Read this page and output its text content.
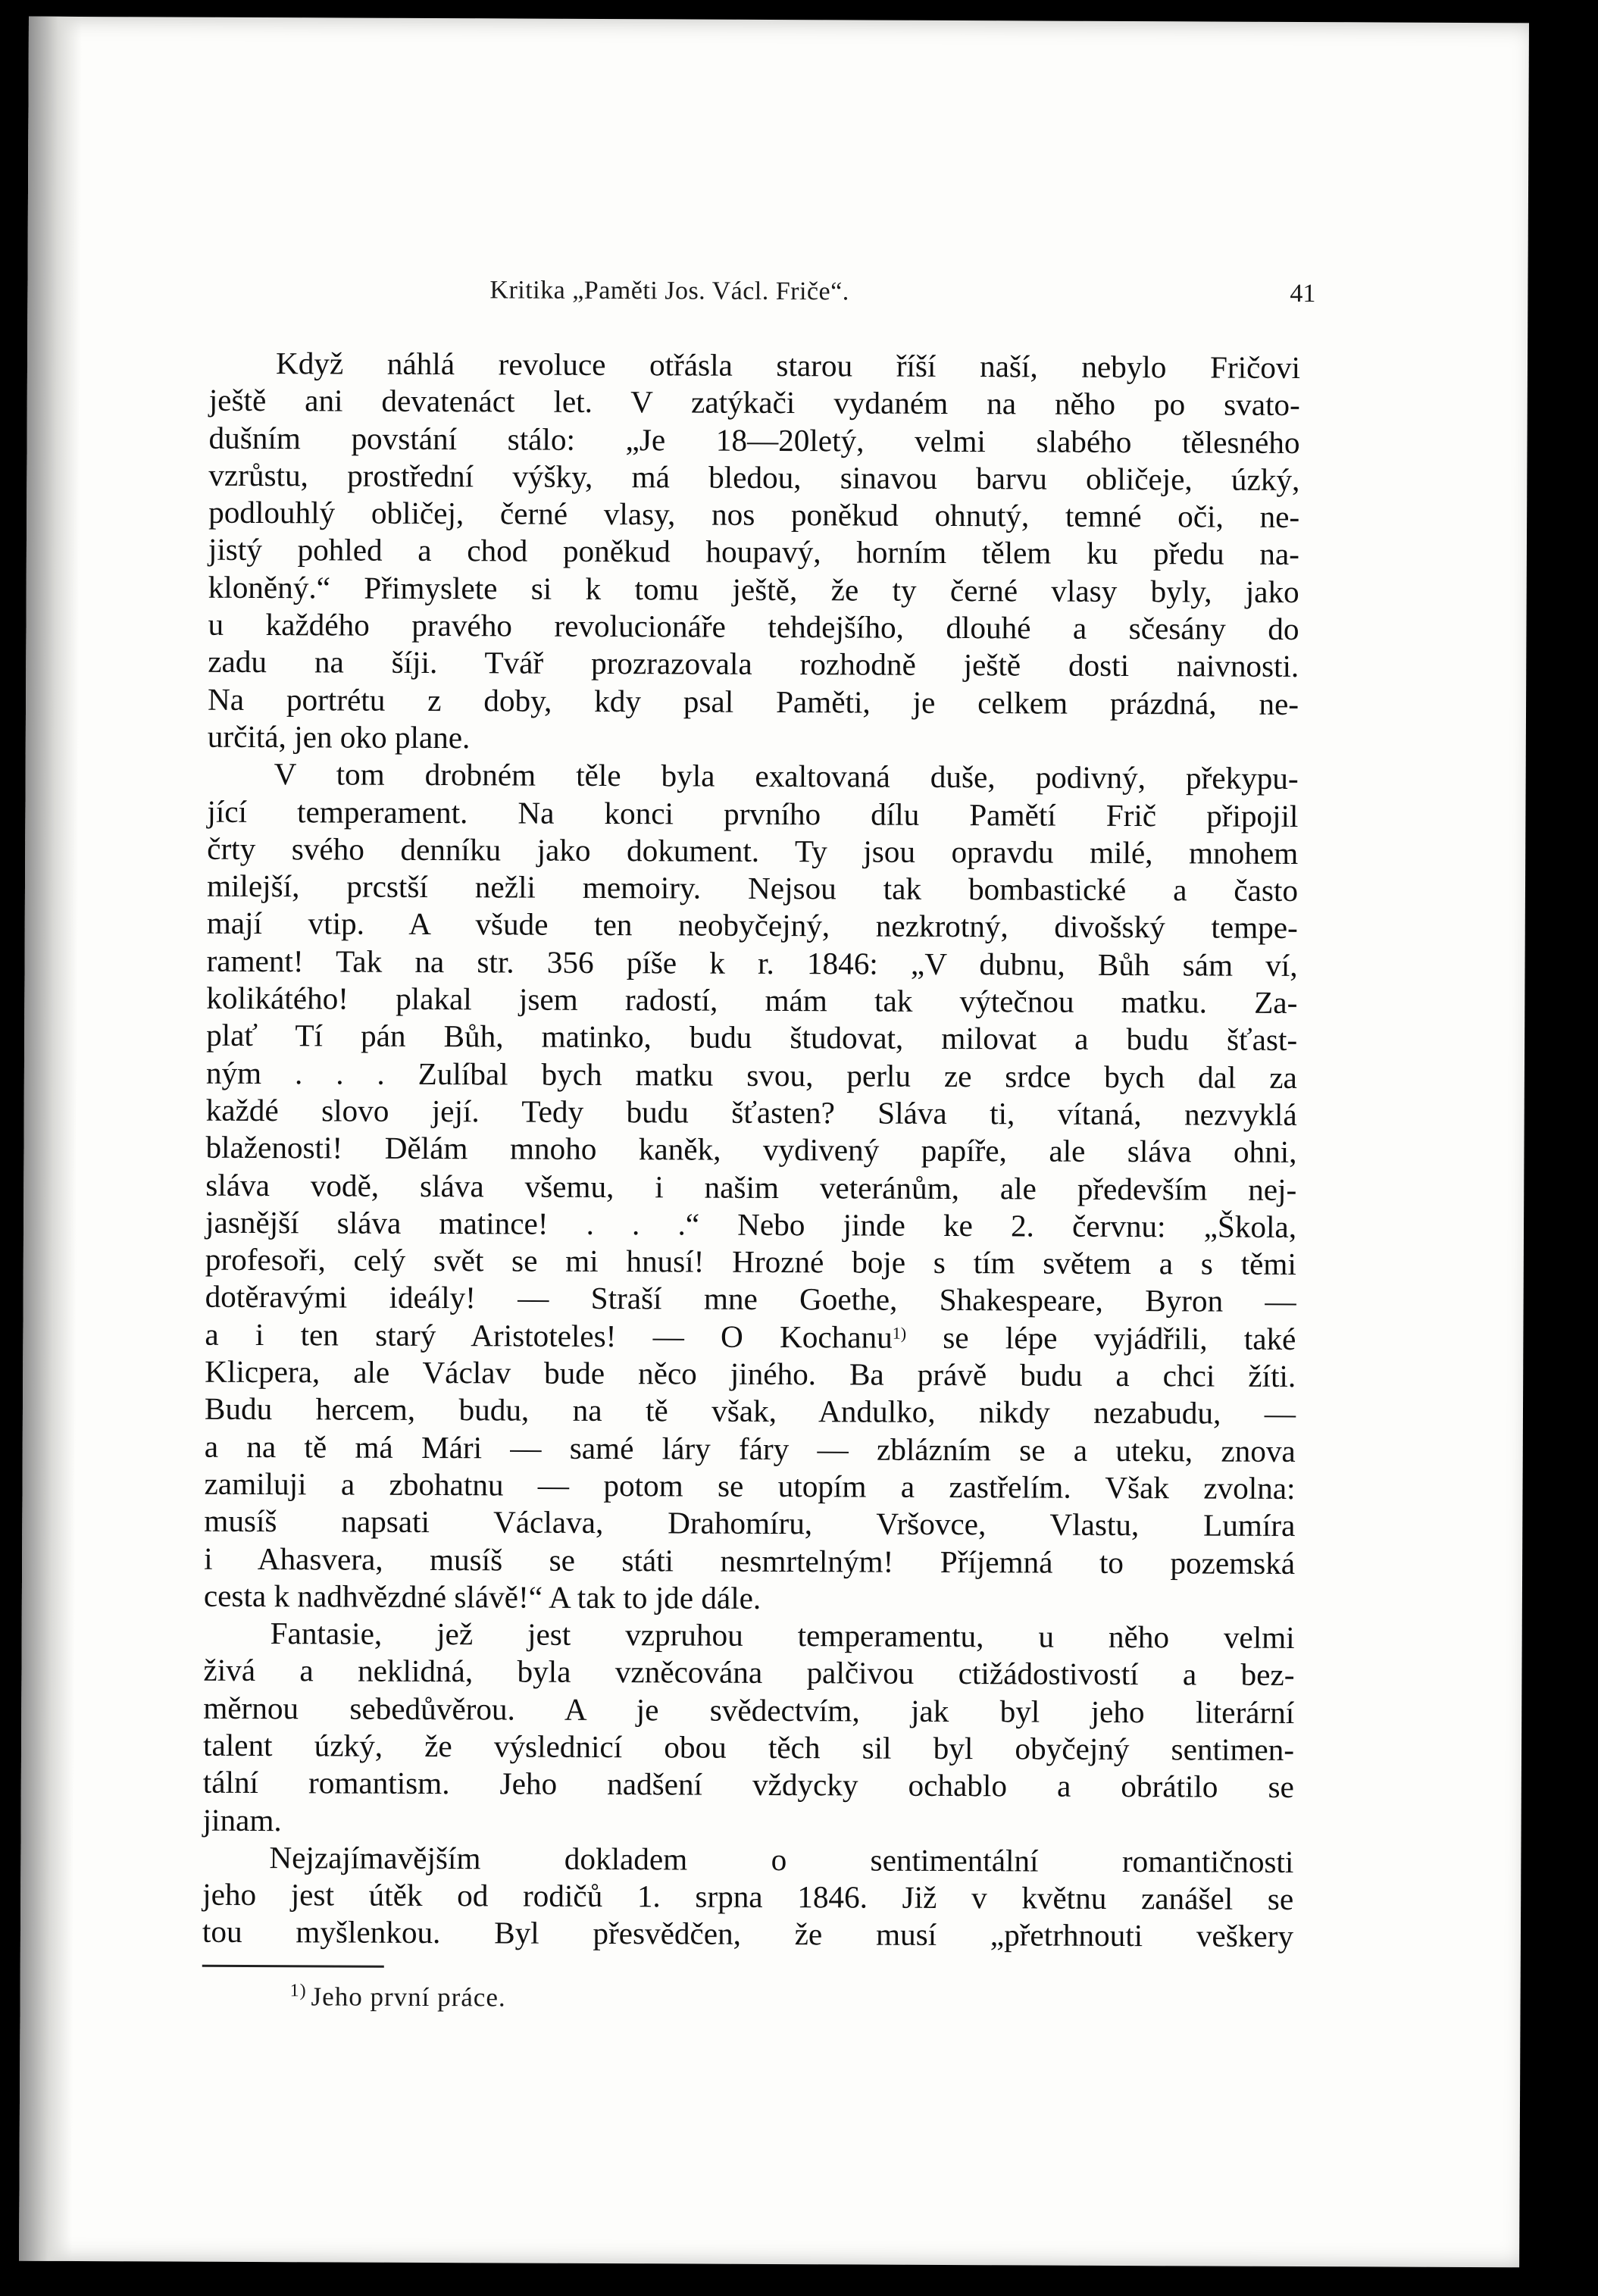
Kritika „Paměti Jos. Václ. Friče“.	41
Když náhlá revoluce otřásla starou říší naší, nebylo Fričovi
ještě ani devatenáct let. V zatýkači vydaném na něho po svato-
dušním povstání stálo: „Je 18—20letý, velmi slabého tělesného
vzrůstu, prostřední výšky, má bledou, sinavou barvu obličeje, úzký,
podlouhlý obličej, černé vlasy, nos poněkud ohnutý, temné oči, ne-
jistý pohled a chod poněkud houpavý, horním tělem ku předu na-
kloněný.“ Přimyslete si k tomu ještě, že ty černé vlasy byly, jako
u každého pravého revolucionáře tehdejšího, dlouhé a sčesány do
zadu na šíji. Tvář prozrazovala rozhodně ještě dosti naivnosti.
Na portrétu z doby, kdy psal Paměti, je celkem prázdná, ne-
určitá, jen oko plane.
V tom drobném těle byla exaltovaná duše, podivný, překypu-
jící temperament. Na konci prvního dílu Pamětí Frič připojil
črty svého denníku jako dokument. Ty jsou opravdu milé, mnohem
milejší, prcstší nežli memoiry. Nejsou tak bombastické a často
mají vtip. A všude ten neobyčejný, nezkrotný, divošský tempe-
rament! Tak na str. 356 píše k r. 1846: „V dubnu, Bůh sám ví,
kolikátého! plakal jsem radostí, mám tak výtečnou matku. Za-
plať Tí pán Bůh, matinko, budu študovat, milovat a budu šťast-
ným . . . Zulíbal bych matku svou, perlu ze srdce bych dal za
každé slovo její. Tedy budu šťasten? Sláva ti, vítaná, nezvyklá
blaženosti! Dělám mnoho kaněk, vydivený papíře, ale sláva ohni,
sláva vodě, sláva všemu, i našim veteránům, ale především nej-
jasnější sláva matince! . . .“ Nebo jinde ke 2. červnu: „Škola,
profesoři, celý svět se mi hnusí! Hrozné boje s tím světem a s těmi
dotěravými ideály! — Straší mne Goethe, Shakespeare, Byron —
a i ten starý Aristoteles! — O Kochanu$^{1)}$ se lépe vyjádřili, také
Klicpera, ale Václav bude něco jiného. Ba právě budu a chci žíti.
Budu hercem, budu, na tě však, Andulko, nikdy nezabudu, —
a na tě má Mári — samé láry fáry — zblázním se a uteku, znova
zamiluji a zbohatnu — potom se utopím a zastřelím. Však zvolna:
musíš napsati Václava, Drahomíru, Vršovce, Vlastu, Lumíra
i Ahasvera, musíš se státi nesmrtelným! Příjemná to pozemská
cesta k nadhvězdné slávě!“ A tak to jde dále.
Fantasie, jež jest vzpruhou temperamentu, u něho velmi
živá a neklidná, byla vzněcována palčivou ctižádostivostí a bez-
měrnou sebedůvěrou. A je svědectvím, jak byl jeho literární
talent úzký, že výslednicí obou těch sil byl obyčejný sentimen-
tální romantism. Jeho nadšení vždycky ochablo a obrátilo se
jinam.
Nejzajímavějším dokladem o sentimentální romantičnosti
jeho jest útěk od rodičů 1. srpna 1846. Již v květnu zanášel se
tou myšlenkou. Byl přesvědčen, že musí „přetrhnouti veškery
$^{1)}$ Jeho první práce.
